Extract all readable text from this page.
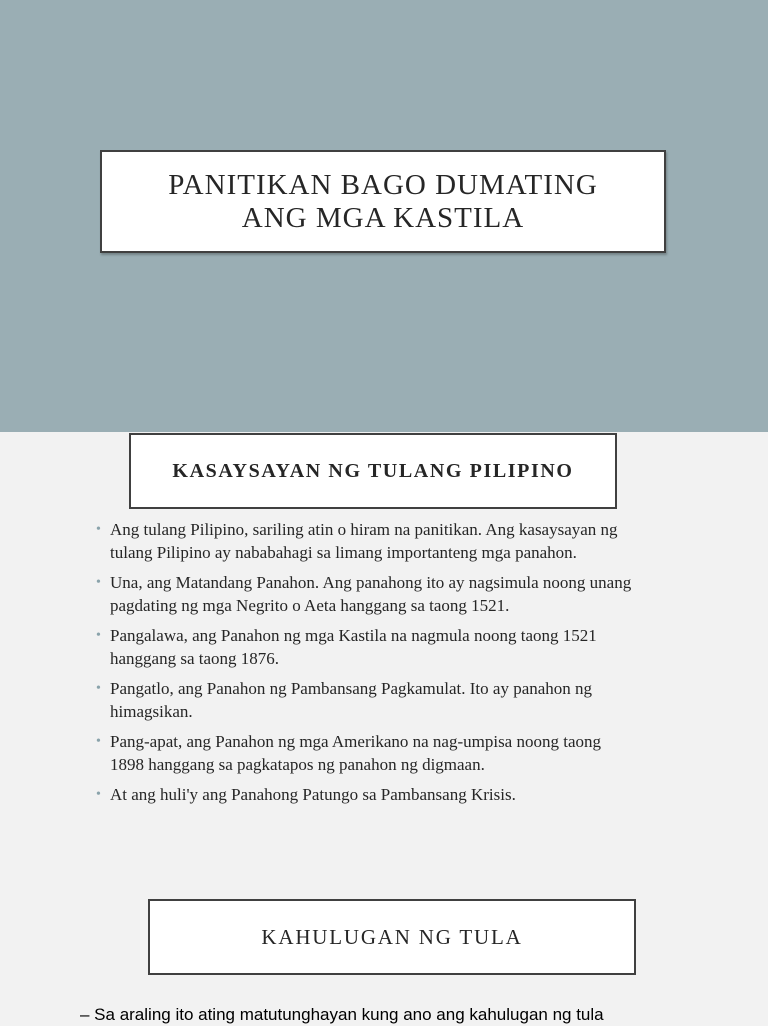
PANITIKAN BAGO DUMATING ANG MGA KASTILA
KASAYSAYAN NG TULANG PILIPINO
• Ang tulang Pilipino, sariling atin o hiram na panitikan. Ang kasaysayan ng tulang Pilipino ay nababahagi sa limang importanteng mga panahon.
• Una, ang Matandang Panahon. Ang panahong ito ay nagsimula noong unang pagdating ng mga Negrito o Aeta hanggang sa taong 1521.
• Pangalawa, ang Panahon ng mga Kastila na nagmula noong taong 1521 hanggang sa taong 1876.
• Pangatlo, ang Panahon ng Pambansang Pagkamulat. Ito ay panahon ng himagsikan.
• Pang-apat, ang Panahon ng mga Amerikano na nag-umpisa noong taong 1898 hanggang sa pagkatapos ng panahon ng digmaan.
• At ang huli'y ang Panahong Patungo sa Pambansang Krisis.
KAHULUGAN NG TULA
– Sa araling ito ating matutunghayan kung ano ang kahulugan ng tula
